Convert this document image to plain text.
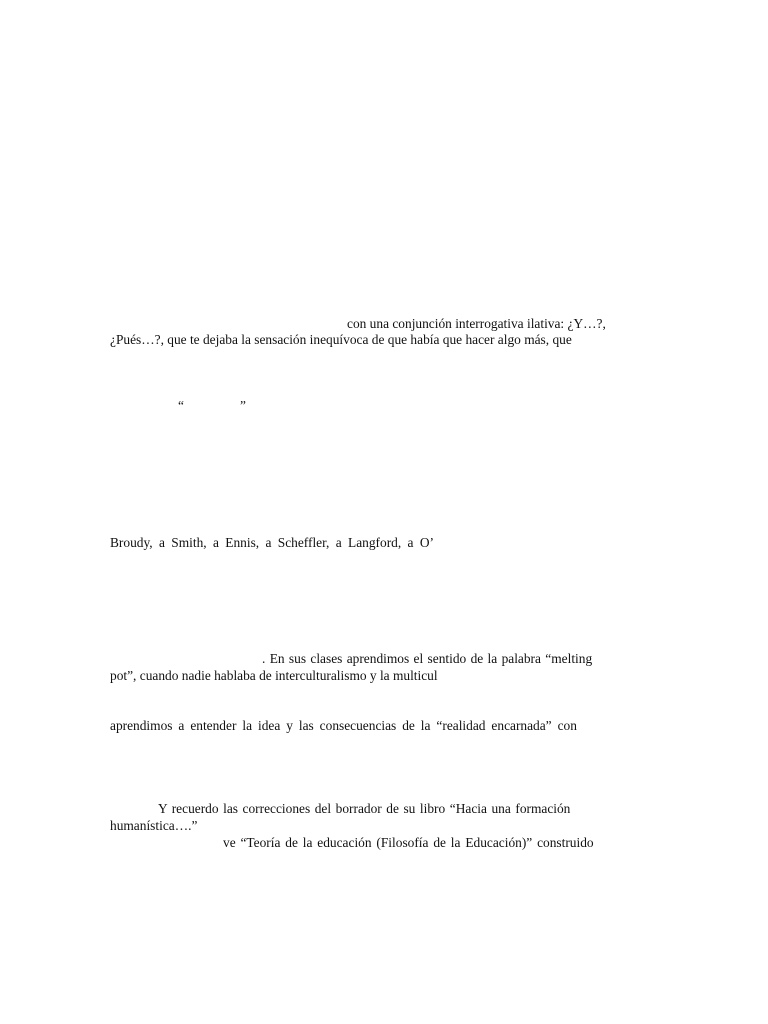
con una conjunción interrogativa ilativa: ¿Y…?,
¿Pués…?, que te dejaba la sensación inequívoca de que había que hacer algo más, que
“	”
Broudy, a Smith, a Ennis, a Scheffler, a Langford, a O’
. En sus clases aprendimos el sentido de la palabra “melting
pot”, cuando nadie hablaba de interculturalismo y la multicul
aprendimos a entender la idea y las consecuencias de la “realidad encarnada” con
Y recuerdo las correcciones del borrador de su libro “Hacia una formación
humanística….”
ve “Teoría de la educación (Filosofía de la Educación)” construido
